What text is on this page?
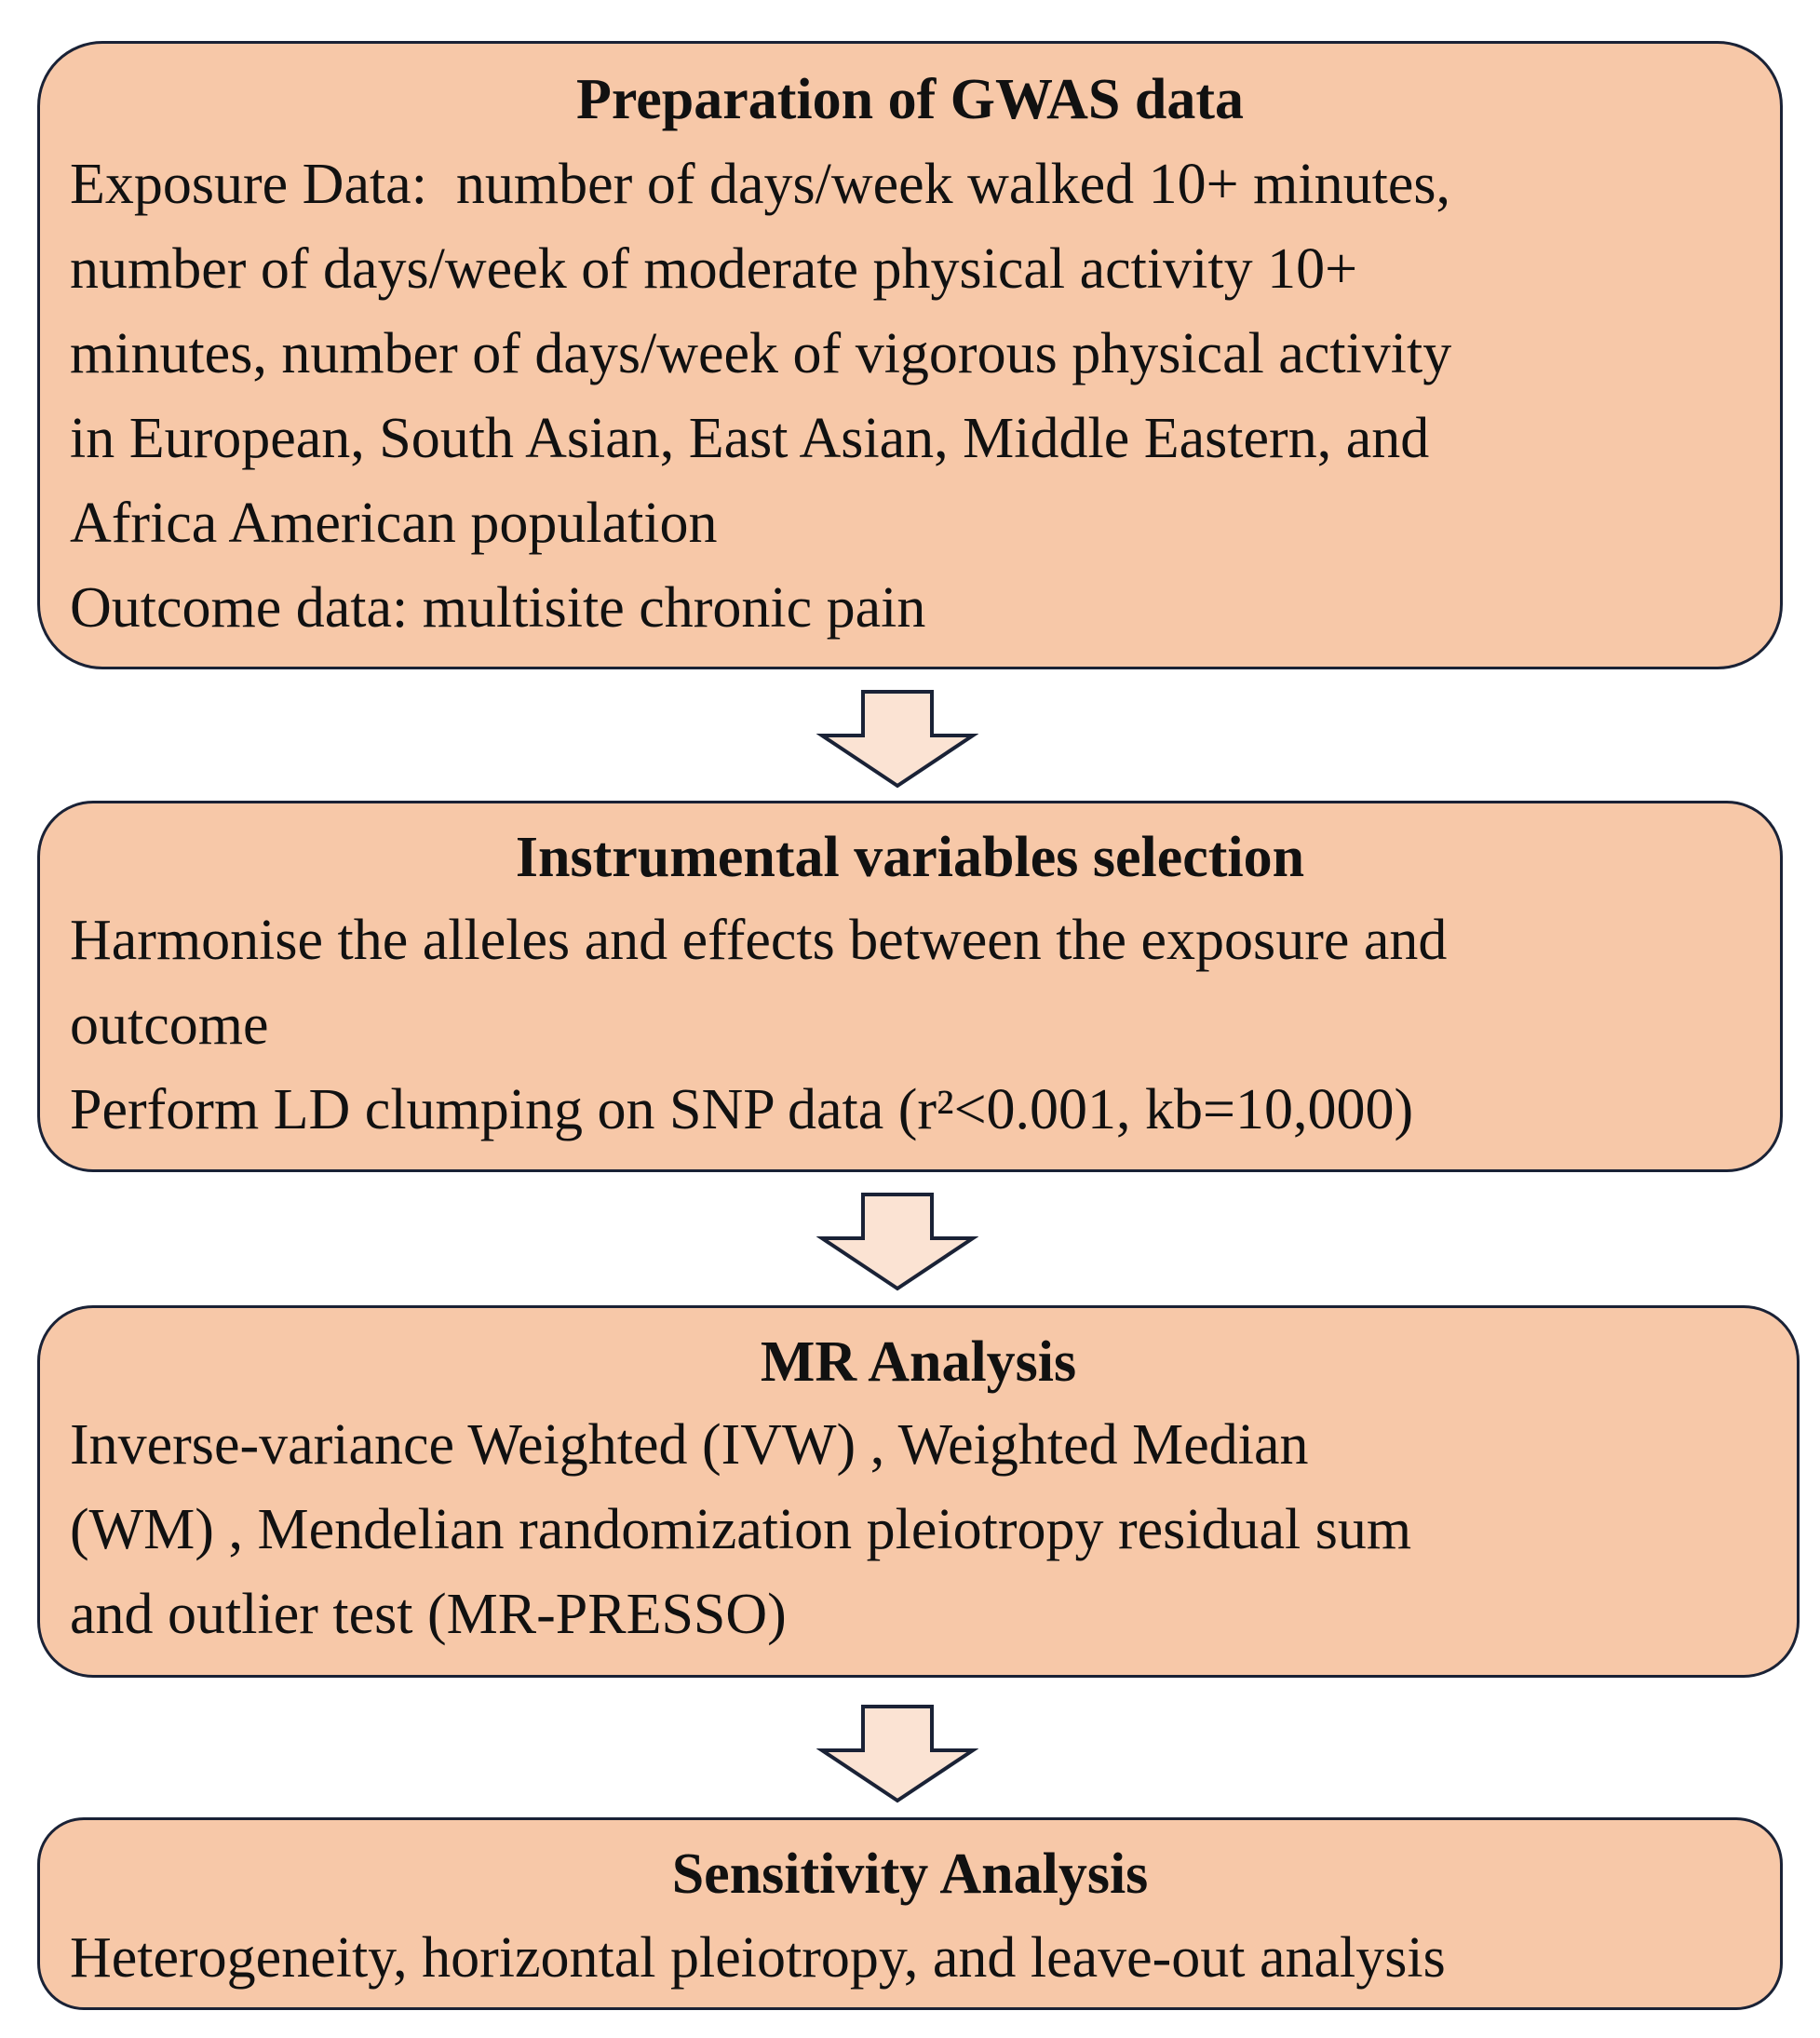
Preparation of GWAS data
Exposure Data:  number of days/week walked 10+ minutes,
number of days/week of moderate physical activity 10+
minutes, number of days/week of vigorous physical activity
in European, South Asian, East Asian, Middle Eastern, and
Africa American population
Outcome data: multisite chronic pain
Instrumental variables selection
Harmonise the alleles and effects between the exposure and
outcome
Perform LD clumping on SNP data (r²<0.001, kb=10,000)
MR Analysis
Inverse-variance Weighted (IVW) , Weighted Median
(WM) , Mendelian randomization pleiotropy residual sum
and outlier test (MR-PRESSO)
Sensitivity Analysis
Heterogeneity, horizontal pleiotropy, and leave-out analysis
